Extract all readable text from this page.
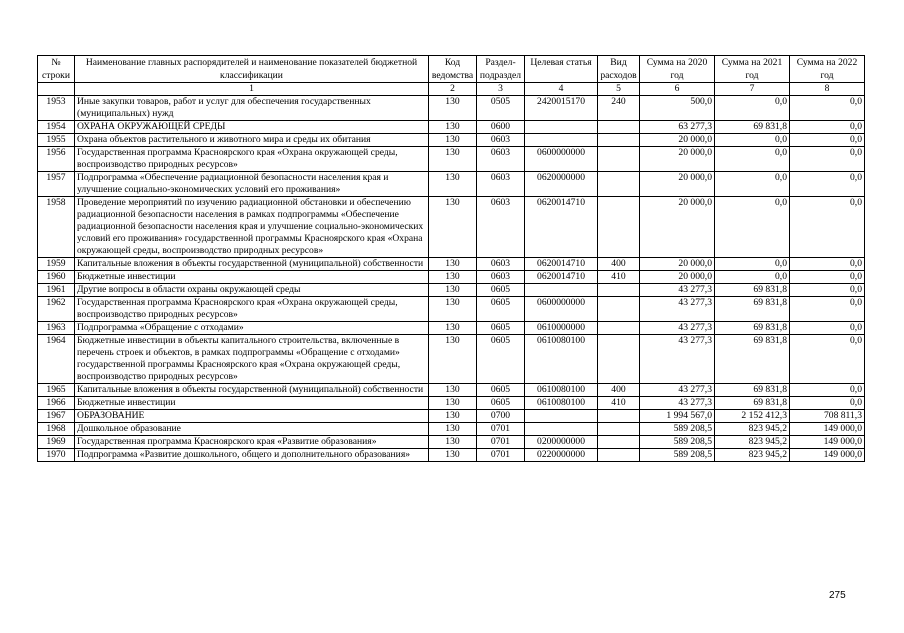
№ строки	Наименование главных распорядителей и наименование показателей бюджетной классификации	Код ведомства	Раздел-подраздел	Целевая статья	Вид расходов	Сумма на 2020 год	Сумма на 2021 год	Сумма на 2022 год
	1	2	3	4	5	6	7	8
1953	Иные закупки товаров, работ и услуг для обеспечения государственных (муниципальных) нужд	130	0505	2420015170	240	500,0	0,0	0,0
1954	ОХРАНА ОКРУЖАЮЩЕЙ СРЕДЫ	130	0600			63 277,3	69 831,8	0,0
1955	Охрана объектов растительного и животного мира и среды их обитания	130	0603			20 000,0	0,0	0,0
1956	Государственная программа Красноярского края «Охрана окружающей среды, воспроизводство природных ресурсов»	130	0603	0600000000		20 000,0	0,0	0,0
1957	Подпрограмма «Обеспечение радиационной безопасности населения края и улучшение социально-экономических условий его проживания»	130	0603	0620000000		20 000,0	0,0	0,0
1958	Проведение мероприятий по изучению радиационной обстановки и обеспечению радиационной безопасности населения в рамках подпрограммы «Обеспечение радиационной безопасности населения края и улучшение социально-экономических условий его проживания» государственной программы Красноярского края «Охрана окружающей среды, воспроизводство природных ресурсов»	130	0603	0620014710		20 000,0	0,0	0,0
1959	Капитальные вложения в объекты государственной (муниципальной) собственности	130	0603	0620014710	400	20 000,0	0,0	0,0
1960	Бюджетные инвестиции	130	0603	0620014710	410	20 000,0	0,0	0,0
1961	Другие вопросы в области охраны окружающей среды	130	0605			43 277,3	69 831,8	0,0
1962	Государственная программа Красноярского края «Охрана окружающей среды, воспроизводство природных ресурсов»	130	0605	0600000000		43 277,3	69 831,8	0,0
1963	Подпрограмма «Обращение с отходами»	130	0605	0610000000		43 277,3	69 831,8	0,0
1964	Бюджетные инвестиции в объекты капитального строительства, включенные в перечень строек и объектов, в рамках подпрограммы «Обращение с отходами» государственной программы Красноярского края «Охрана окружающей среды, воспроизводство природных ресурсов»	130	0605	0610080100		43 277,3	69 831,8	0,0
1965	Капитальные вложения в объекты государственной (муниципальной) собственности	130	0605	0610080100	400	43 277,3	69 831,8	0,0
1966	Бюджетные инвестиции	130	0605	0610080100	410	43 277,3	69 831,8	0,0
1967	ОБРАЗОВАНИЕ	130	0700			1 994 567,0	2 152 412,3	708 811,3
1968	Дошкольное образование	130	0701			589 208,5	823 945,2	149 000,0
1969	Государственная программа Красноярского края «Развитие образования»	130	0701	0200000000		589 208,5	823 945,2	149 000,0
1970	Подпрограмма «Развитие дошкольного, общего и дополнительного образования»	130	0701	0220000000		589 208,5	823 945,2	149 000,0
275
